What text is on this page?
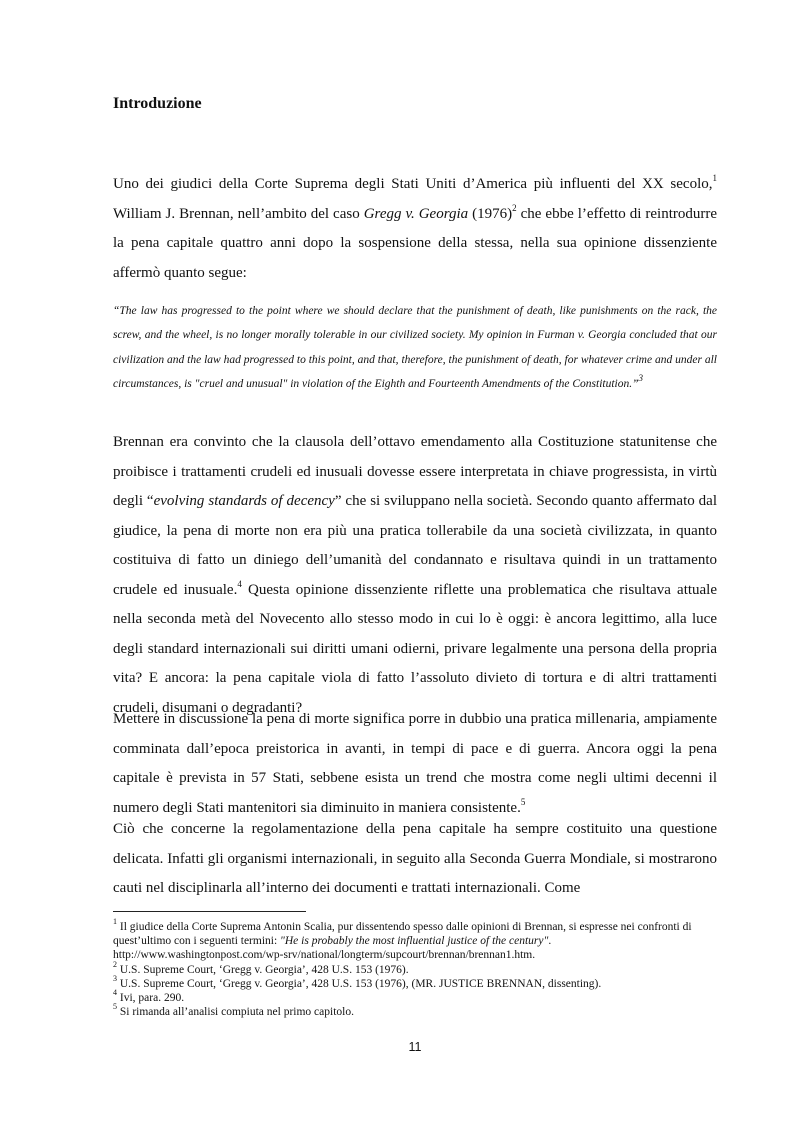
Introduzione

Uno dei giudici della Corte Suprema degli Stati Uniti d’America più influenti del XX secolo,$^1$ William J. Brennan, nell’ambito del caso Gregg v. Georgia $(1976)^2$ che ebbe l’effetto di reintrodurre la pena capitale quattro anni dopo la sospensione della stessa, nella sua opinione dissenziente affermò quanto segue:

“The law has progressed to the point where we should declare that the punishment of death, like punishments on the rack, the screw, and the wheel, is no longer morally tolerable in our civilized society. My opinion in Furman v. Georgia concluded that our civilization and the law had progressed to this point, and that, therefore, the punishment of death, for whatever crime and under all circumstances, is "cruel and unusual" in violation of the Eighth and Fourteenth Amendments of the Constitution.”$^3$

Brennan era convinto che la clausola dell’ottavo emendamento alla Costituzione statunitense che proibisce i trattamenti crudeli ed inusuali dovesse essere interpretata in chiave progressista, in virtù degli “evolving standards of decency” che si sviluppano nella società. Secondo quanto affermato dal giudice, la pena di morte non era più una pratica tollerabile da una società civilizzata, in quanto costituiva di fatto un diniego dell’umanità del condannato e risultava quindi in un trattamento crudele ed inusuale.$^4$ Questa opinione dissenziente riflette una problematica che risultava attuale nella seconda metà del Novecento allo stesso modo in cui lo è oggi: è ancora legittimo, alla luce degli standard internazionali sui diritti umani odierni, privare legalmente una persona della propria vita? E ancora: la pena capitale viola di fatto l’assoluto divieto di tortura e di altri trattamenti crudeli, disumani o degradanti?

Mettere in discussione la pena di morte significa porre in dubbio una pratica millenaria, ampiamente comminata dall’epoca preistorica in avanti, in tempi di pace e di guerra. Ancora oggi la pena capitale è prevista in 57 Stati, sebbene esista un trend che mostra come negli ultimi decenni il numero degli Stati mantenitori sia diminuito in maniera consistente.$^5$

Ciò che concerne la regolamentazione della pena capitale ha sempre costituito una questione delicata. Infatti gli organismi internazionali, in seguito alla Seconda Guerra Mondiale, si mostrarono cauti nel disciplinarla all’interno dei documenti e trattati internazionali. Come

$^1$ Il giudice della Corte Suprema Antonin Scalia, pur dissentendo spesso dalle opinioni di Brennan, si espresse nei confronti di quest’ultimo con i seguenti termini: "He is probably the most influential justice of the century". http://www.washingtonpost.com/wp-srv/national/longterm/supcourt/brennan/brennan1.htm.
$^2$ U.S. Supreme Court, ‘Gregg v. Georgia’, 428 U.S. 153 (1976).
$^3$ U.S. Supreme Court, ‘Gregg v. Georgia’, 428 U.S. 153 (1976), (MR. JUSTICE BRENNAN, dissenting).
$^4$ Ivi, para. 290.
$^5$ Si rimanda all’analisi compiuta nel primo capitolo.
11
